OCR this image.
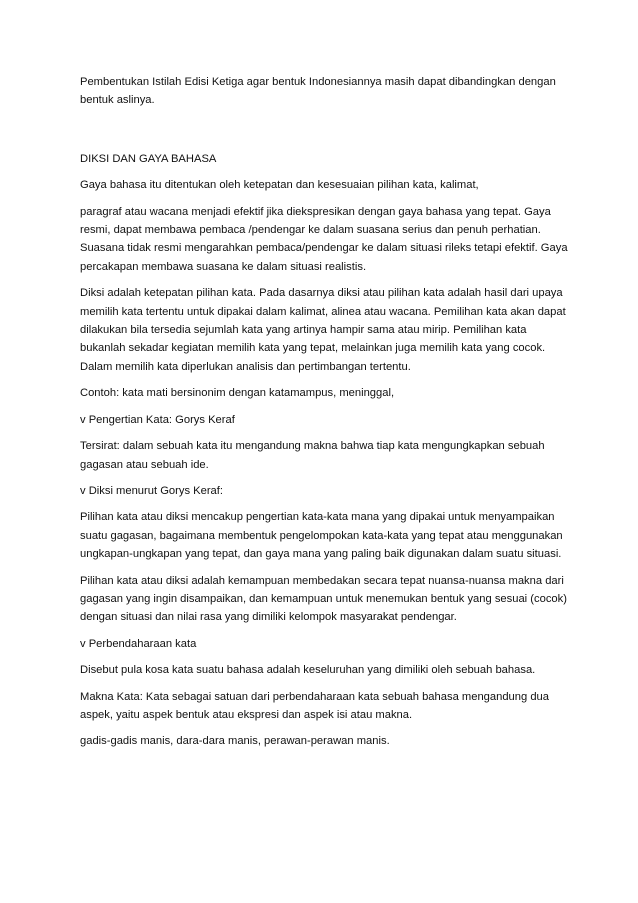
Pembentukan Istilah Edisi Ketiga agar bentuk Indonesiannya masih dapat dibandingkan dengan bentuk aslinya.

DIKSI DAN GAYA BAHASA

Gaya bahasa itu ditentukan oleh ketepatan dan kesesuaian pilihan kata, kalimat,

paragraf atau wacana menjadi efektif jika diekspresikan dengan gaya bahasa yang tepat. Gaya resmi, dapat membawa pembaca /pendengar ke dalam suasana serius dan penuh perhatian. Suasana tidak resmi mengarahkan pembaca/pendengar ke dalam situasi rileks tetapi efektif. Gaya percakapan membawa suasana ke dalam situasi realistis.

Diksi adalah ketepatan pilihan kata. Pada dasarnya diksi atau pilihan kata adalah hasil dari upaya memilih kata tertentu untuk dipakai dalam kalimat, alinea atau wacana. Pemilihan kata akan dapat dilakukan bila tersedia sejumlah kata yang artinya hampir sama atau mirip. Pemilihan kata bukanlah sekadar kegiatan memilih kata yang tepat, melainkan juga memilih kata yang cocok. Dalam memilih kata diperlukan analisis dan pertimbangan tertentu.

Contoh: kata mati bersinonim dengan katamampus, meninggal,

v Pengertian Kata: Gorys Keraf

Tersirat: dalam sebuah kata itu mengandung makna bahwa tiap kata mengungkapkan sebuah gagasan atau sebuah ide.

v Diksi menurut Gorys Keraf:

Pilihan kata atau diksi mencakup pengertian kata-kata mana yang dipakai untuk menyampaikan suatu gagasan, bagaimana membentuk pengelompokan kata-kata yang tepat atau menggunakan ungkapan-ungkapan yang tepat, dan gaya mana yang paling baik digunakan dalam suatu situasi.

Pilihan kata atau diksi adalah kemampuan membedakan secara tepat nuansa-nuansa makna dari gagasan yang ingin disampaikan, dan kemampuan untuk menemukan bentuk yang sesuai (cocok) dengan situasi dan nilai rasa yang dimiliki kelompok masyarakat pendengar.

v Perbendaharaan kata

Disebut pula kosa kata suatu bahasa adalah keseluruhan yang dimiliki oleh sebuah bahasa.

Makna Kata: Kata sebagai satuan dari perbendaharaan kata sebuah bahasa mengandung dua aspek, yaitu aspek bentuk atau ekspresi dan aspek isi atau makna.

gadis-gadis manis, dara-dara manis, perawan-perawan manis.
